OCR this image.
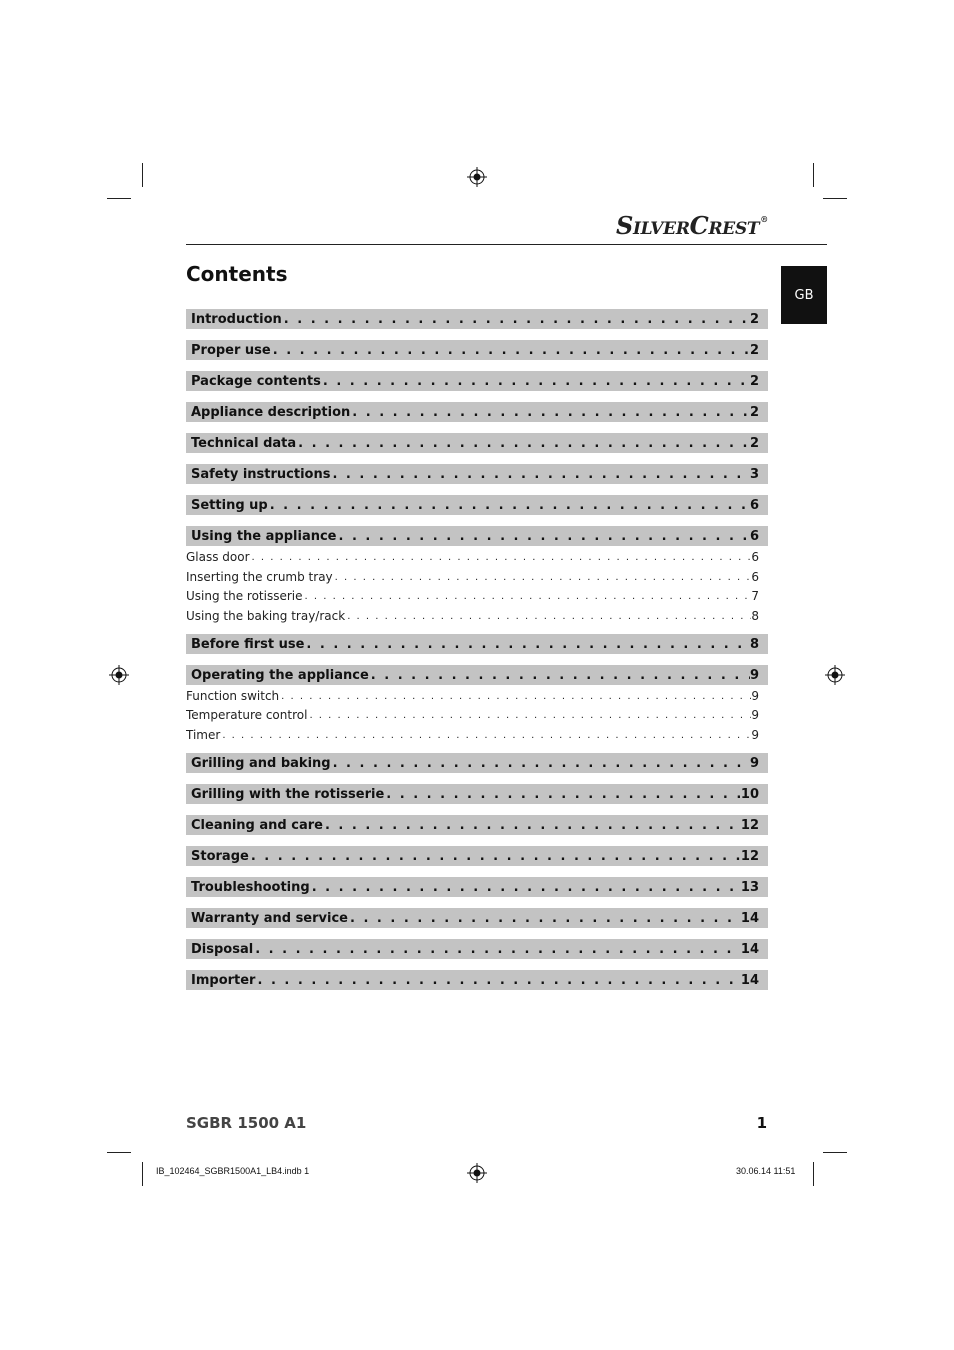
SILVERCREST®
GB
Contents
Introduction . . .	2
Proper use . . .	2
Package contents . . .	2
Appliance description . . .	2
Technical data . . .	2
Safety instructions . . .	3
Setting up . . .	6
Using the appliance . . .	6
Glass door . . .	6
Inserting the crumb tray . . .	6
Using the rotisserie . . .	7
Using the baking tray/rack . . .	8
Before first use . . .	8
Operating the appliance . . .	9
Function switch . . .	9
Temperature control . . .	9
Timer . . .	9
Grilling and baking . . .	9
Grilling with the rotisserie . . .	10
Cleaning and care . . .	12
Storage . . .	12
Troubleshooting . . .	13
Warranty and service . . .	14
Disposal . . .	14
Importer . . .	14
SGBR 1500 A1	1
IB_102464_SGBR1500A1_LB4.indb 1	30.06.14 11:51
